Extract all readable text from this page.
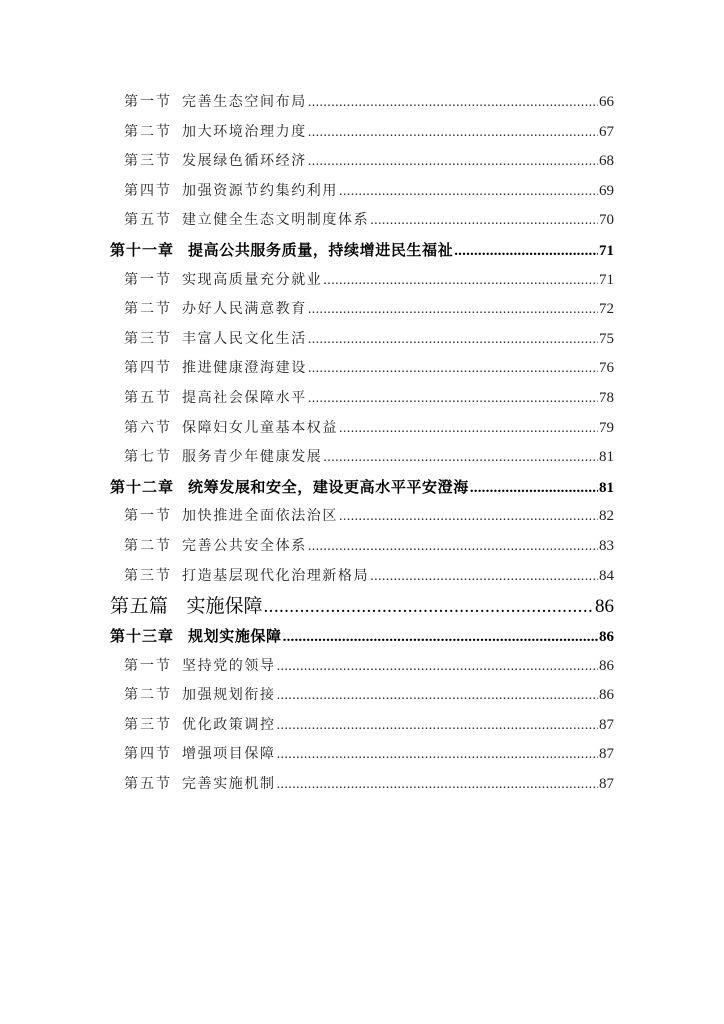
第一节 完善生态空间布局 .....	66
第二节 加大环境治理力度 .....	67
第三节 发展绿色循环经济 .....	68
第四节 加强资源节约集约利用 .....	69
第五节 建立健全生态文明制度体系 .....	70
第十一章 提高公共服务质量，持续增进民生福祉 .....	71
第一节 实现高质量充分就业 .....	71
第二节 办好人民满意教育 .....	72
第三节 丰富人民文化生活 .....	75
第四节 推进健康澄海建设 .....	76
第五节 提高社会保障水平 .....	78
第六节 保障妇女儿童基本权益 .....	79
第七节 服务青少年健康发展 .....	81
第十二章 统筹发展和安全，建设更高水平平安澄海 .....	81
第一节 加快推进全面依法治区 .....	82
第二节 完善公共安全体系 .....	83
第三节 打造基层现代化治理新格局 .....	84
第五篇 实施保障 .....	86
第十三章 规划实施保障 .....	86
第一节 坚持党的领导 .....	86
第二节 加强规划衔接 .....	86
第三节 优化政策调控 .....	87
第四节 增强项目保障 .....	87
第五节 完善实施机制 .....	87
